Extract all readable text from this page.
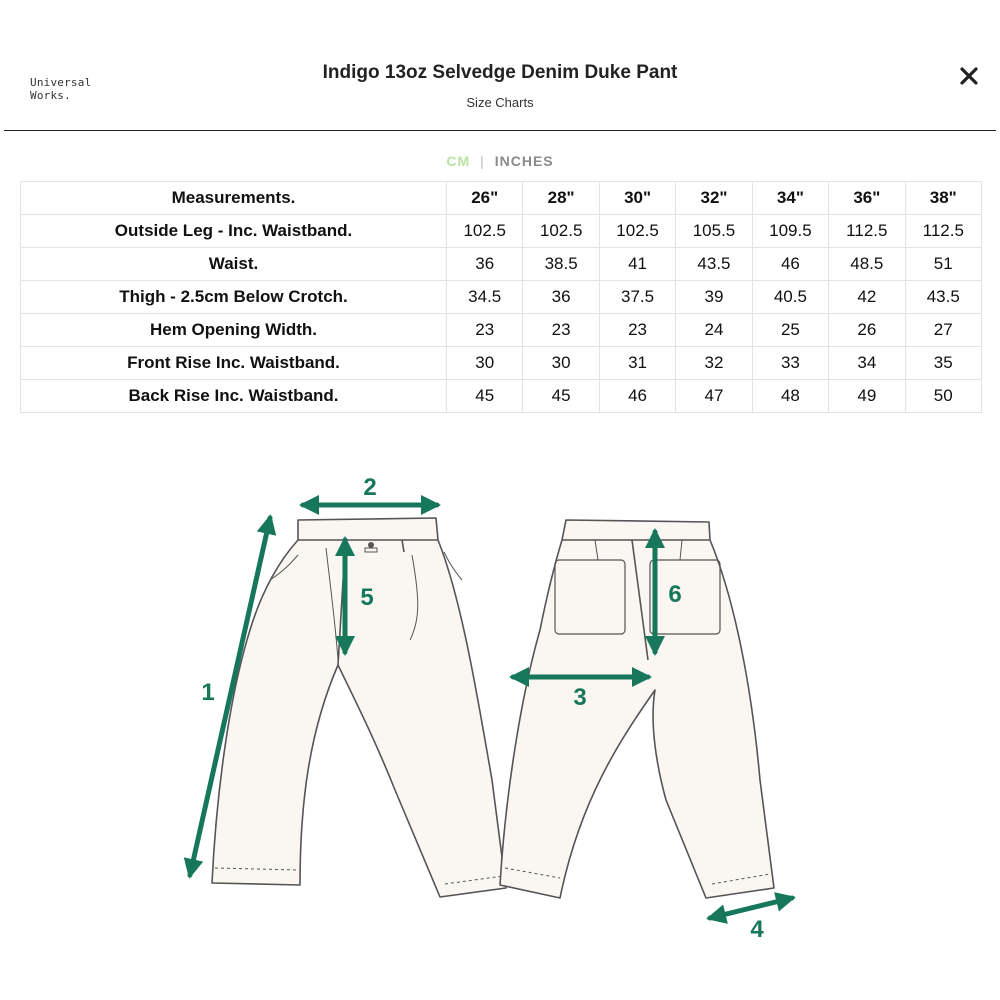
Universal
Works.
Indigo 13oz Selvedge Denim Duke Pant
Size Charts
CM | INCHES
Measurements.	26"	28"	30"	32"	34"	36"	38"
Outside Leg - Inc. Waistband.	102.5	102.5	102.5	105.5	109.5	112.5	112.5
Waist.	36	38.5	41	43.5	46	48.5	51
Thigh - 2.5cm Below Crotch.	34.5	36	37.5	39	40.5	42	43.5
Hem Opening Width.	23	23	23	24	25	26	27
Front Rise Inc. Waistband.	30	30	31	32	33	34	35
Back Rise Inc. Waistband.	45	45	46	47	48	49	50
1
2
3
4
5	6
